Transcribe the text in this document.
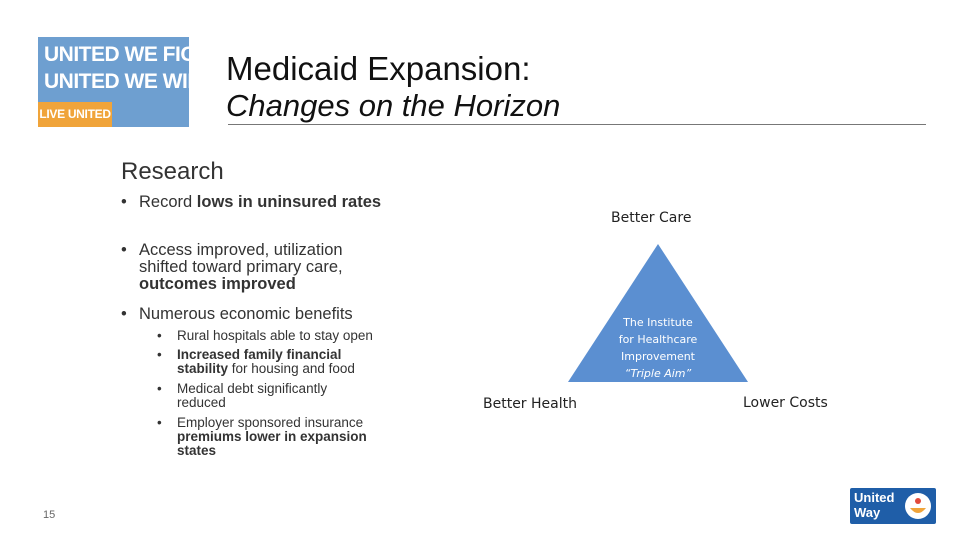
UNITED WE FIGHT.
UNITED WE WIN.
LIVE UNITED
Medicaid Expansion:
Changes on the Horizon
Research
• Record lows in uninsured rates
• Access improved, utilization shifted toward primary care, outcomes improved
• Numerous economic benefits
• Rural hospitals able to stay open
• Increased family financial stability for housing and food
• Medical debt significantly reduced
• Employer sponsored insurance premiums lower in expansion states
Better Care
The Institute
for Healthcare
Improvement
“Triple Aim”
Better Health	Lower Costs
15
United
Way
